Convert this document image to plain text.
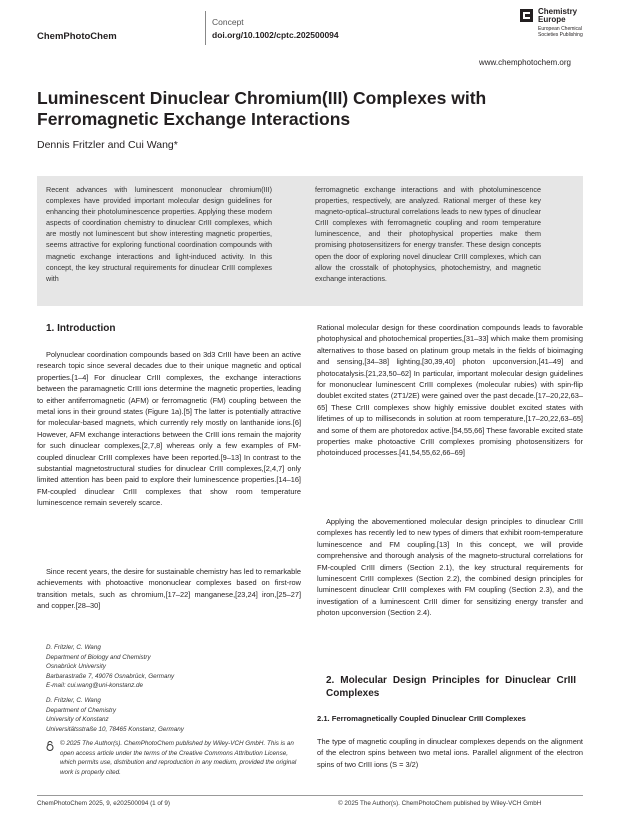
ChemPhotoChem
Concept
doi.org/10.1002/cptc.202500094
Chemistry
Europe
European Chemical Societies Publishing
www.chemphotochem.org
Luminescent Dinuclear Chromium(III) Complexes with Ferromagnetic Exchange Interactions
Dennis Fritzler and Cui Wang*
Recent advances with luminescent mononuclear chromium(III) complexes have provided important molecular design guidelines for enhancing their photoluminescence properties. Applying these modern aspects of coordination chemistry to dinuclear CrIII complexes, which are mostly not luminescent but show interesting magnetic properties, seems attractive for exploring functional coordination compounds with magnetic exchange interactions and light-induced activity. In this concept, the key structural requirements for dinuclear CrIII complexes with
ferromagnetic exchange interactions and with photoluminescence properties, respectively, are analyzed. Rational merger of these key magneto-optical–structural correlations leads to new types of dinuclear CrIII complexes with ferromagnetic coupling and room temperature luminescence, and their photophysical properties make them promising photosensitizers for energy transfer. These design concepts open the door of exploring novel dinuclear CrIII complexes, which can allow the crosstalk of photophysics, photochemistry, and magnetic exchange interactions.
1. Introduction
Polynuclear coordination compounds based on 3d3 CrIII have been an active research topic since several decades due to their unique magnetic and optical properties.[1–4] For dinuclear CrIII complexes, the exchange interactions between the paramagnetic CrIII ions determine the magnetic properties, leading to either antiferromagnetic (AFM) or ferromagnetic (FM) coupling between the metal ions in their ground states (Figure 1a).[5] The latter is potentially attractive for molecular-based magnets, which currently rely mostly on lanthanide ions.[6] However, AFM exchange interactions between the CrIII ions remain the majority for such dinuclear complexes,[2,7,8] whereas only a few examples of FM-coupled dinuclear CrIII complexes have been reported.[9–13] In contrast to the substantial magnetostructural studies for dinuclear CrIII complexes,[2,4,7] only limited attention has been paid to explore their luminescence properties.[14–16] FM-coupled dinuclear CrIII complexes that show room temperature luminescence remain severely scarce.
Since recent years, the desire for sustainable chemistry has led to remarkable achievements with photoactive mononuclear complexes based on first-row transition metals, such as chromium,[17–22] manganese,[23,24] iron,[25–27] and copper.[28–30]
D. Fritzler, C. Wang
Department of Biology and Chemistry
Osnabrück University
Barbarastraße 7, 49076 Osnabrück, Germany
E-mail: cui.wang@uni-konstanz.de
D. Fritzler, C. Wang
Department of Chemistry
University of Konstanz
Universitätsstraße 10, 78465 Konstanz, Germany
© 2025 The Author(s). ChemPhotoChem published by Wiley-VCH GmbH. This is an open access article under the terms of the Creative Commons Attribution License, which permits use, distribution and reproduction in any medium, provided the original work is properly cited.
Rational molecular design for these coordination compounds leads to favorable photophysical and photochemical properties,[31–33] which make them promising alternatives to those based on platinum group metals in the fields of bioimaging and sensing,[34–38] lighting,[30,39,40] photon upconversion,[41–49] and photocatalysis.[21,23,50–62] In particular, important molecular design guidelines for mononuclear luminescent CrIII complexes (molecular rubies) with spin-flip doublet excited states (2T1/2E) were gained over the past decade.[17–20,22,63–65] These CrIII complexes show highly emissive doublet excited states with lifetimes of up to milliseconds in solution at room temperature,[17–20,22,63–65] and some of them are photoredox active.[54,55,66] These favorable excited state properties make photoactive CrIII complexes promising photosensitizers for photoinduced processes.[41,54,55,62,66–69]
Applying the abovementioned molecular design principles to dinuclear CrIII complexes has recently led to new types of dimers that exhibit room-temperature luminescence and FM coupling.[13] In this concept, we will provide comprehensive and thorough analysis of the magneto-structural correlations for FM-coupled CrIII dimers (Section 2.1), the key structural requirements for luminescent CrIII complexes (Section 2.2), the combined design principles for luminescent dinuclear CrIII complexes with FM coupling (Section 2.3), and the investigation of a luminescent CrIII dimer for sensitizing energy transfer and photon upconversion (Section 2.4).
2. Molecular Design Principles for Dinuclear CrIII Complexes
2.1. Ferromagnetically Coupled Dinuclear CrIII Complexes
The type of magnetic coupling in dinuclear complexes depends on the alignment of the electron spins between two metal ions. Parallel alignment of the electron spins of two CrIII ions (S = 3/2)
ChemPhotoChem 2025, 9, e202500094 (1 of 9)	© 2025 The Author(s). ChemPhotoChem published by Wiley-VCH GmbH
